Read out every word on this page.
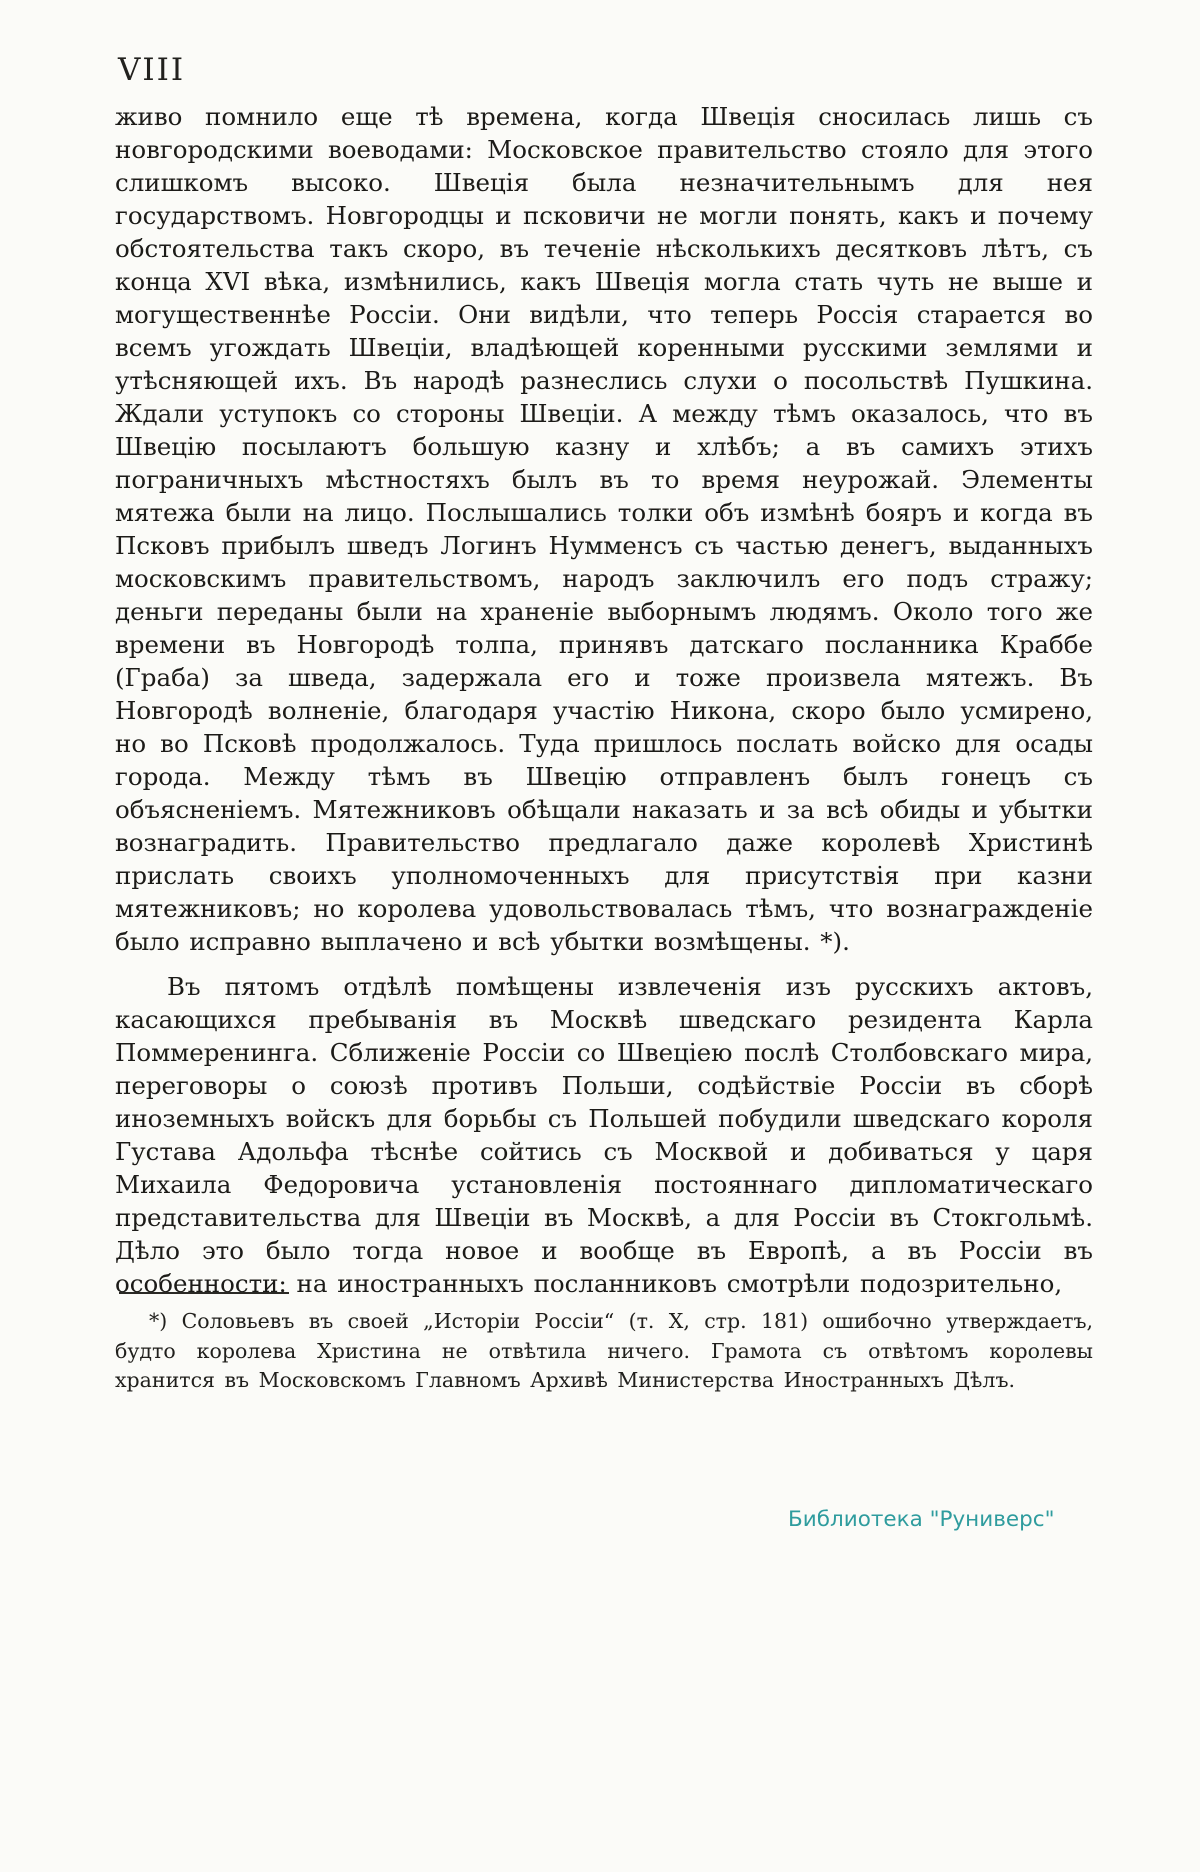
VIII

живо помнило еще тѣ времена, когда Швеція сносилась лишь съ новгородскими воеводами: Московское правительство стояло для этого слишкомъ высоко. Швеція была незначительнымъ для нея государствомъ. Новгородцы и псковичи не могли понять, какъ и почему обстоятельства такъ скоро, въ теченіе нѣсколькихъ десятковъ лѣтъ, съ конца XVI вѣка, измѣнились, какъ Швеція могла стать чуть не выше и могущественнѣе Россіи. Они видѣли, что теперь Россія старается во всемъ угождать Швеціи, владѣющей коренными русскими землями и утѣсняющей ихъ. Въ народѣ разнеслись слухи о посольствѣ Пушкина. Ждали уступокъ со стороны Швеціи. А между тѣмъ оказалось, что въ Швецію посылаютъ большую казну и хлѣбъ; а въ самихъ этихъ пограничныхъ мѣстностяхъ былъ въ то время неурожай. Элементы мятежа были на лицо. Послышались толки объ измѣнѣ бояръ и когда въ Псковъ прибылъ шведъ Логинъ Нумменсъ съ частью денегъ, выданныхъ московскимъ правительствомъ, народъ заключилъ его подъ стражу; деньги переданы были на храненіе выборнымъ людямъ. Около того же времени въ Новгородѣ толпа, принявъ датскаго посланника Краббе (Граба) за шведа, задержала его и тоже произвела мятежъ. Въ Новгородѣ волненіе, благодаря участію Никона, скоро было усмирено, но во Псковѣ продолжалось. Туда пришлось послать войско для осады города. Между тѣмъ въ Швецію отправленъ былъ гонецъ съ объясненіемъ. Мятежниковъ обѣщали наказать и за всѣ обиды и убытки вознаградить. Правительство предлагало даже королевѣ Христинѣ прислать своихъ уполномоченныхъ для присутствія при казни мятежниковъ; но королева удовольствовалась тѣмъ, что вознагражденіе было исправно выплачено и всѣ убытки возмѣщены. *).

Въ пятомъ отдѣлѣ помѣщены извлеченія изъ русскихъ актовъ, касающихся пребыванія въ Москвѣ шведскаго резидента Карла Поммеренинга. Сближеніе Россіи со Швеціею послѣ Столбовскаго мира, переговоры о союзѣ противъ Польши, содѣйствіе Россіи въ сборѣ иноземныхъ войскъ для борьбы съ Польшей побудили шведскаго короля Густава Адольфа тѣснѣе сойтись съ Москвой и добиваться у царя Михаила Федоровича установленія постояннаго дипломатическаго представительства для Швеціи въ Москвѣ, а для Россіи въ Стокгольмѣ. Дѣло это было тогда новое и вообще въ Европѣ, а въ Россіи въ особенности: на иностранныхъ посланниковъ смотрѣли подозрительно,

*) Соловьевъ въ своей „Исторіи Россіи“ (т. X, стр. 181) ошибочно утверждаетъ, будто королева Христина не отвѣтила ничего. Грамота съ отвѣтомъ королевы хранится въ Московскомъ Главномъ Архивѣ Министерства Иностранныхъ Дѣлъ.

Библиотека "Руниверс"
